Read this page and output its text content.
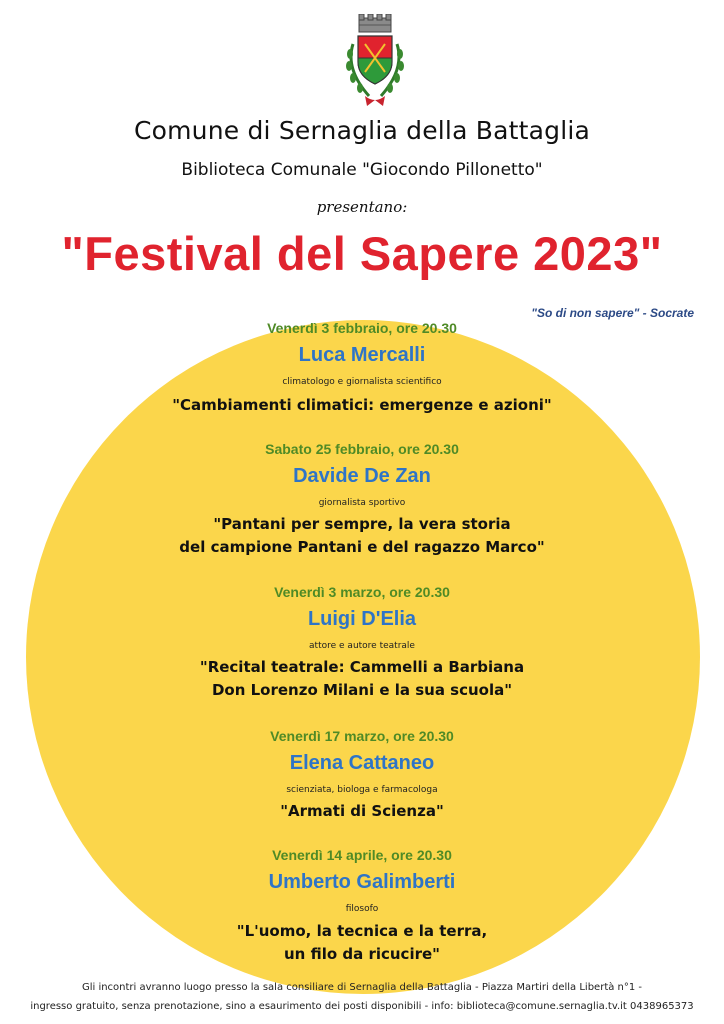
Comune di Sernaglia della Battaglia
Biblioteca Comunale "Giocondo Pillonetto"
presentano:
"Festival del Sapere 2023"
"So di non sapere" - Socrate
Venerdì 3 febbraio, ore 20.30
Luca Mercalli
climatologo e giornalista scientifico
"Cambiamenti climatici: emergenze e azioni"
Sabato 25 febbraio, ore 20.30
Davide De Zan
giornalista sportivo
"Pantani per sempre, la vera storia
del campione Pantani e del ragazzo Marco"
Venerdì 3 marzo, ore 20.30
Luigi D'Elia
attore e autore teatrale
"Recital teatrale: Cammelli a Barbiana
Don Lorenzo Milani e la sua scuola"
Venerdì 17 marzo, ore 20.30
Elena Cattaneo
scienziata, biologa e farmacologa
"Armati di Scienza"
Venerdì 14 aprile, ore 20.30
Umberto Galimberti
filosofo
"L'uomo, la tecnica e la terra,
un filo da ricucire"
Gli incontri avranno luogo presso la sala consiliare di Sernaglia della Battaglia - Piazza Martiri della Libertà n°1 -
ingresso gratuito, senza prenotazione, sino a esaurimento dei posti disponibili - info: biblioteca@comune.sernaglia.tv.it 0438965373
